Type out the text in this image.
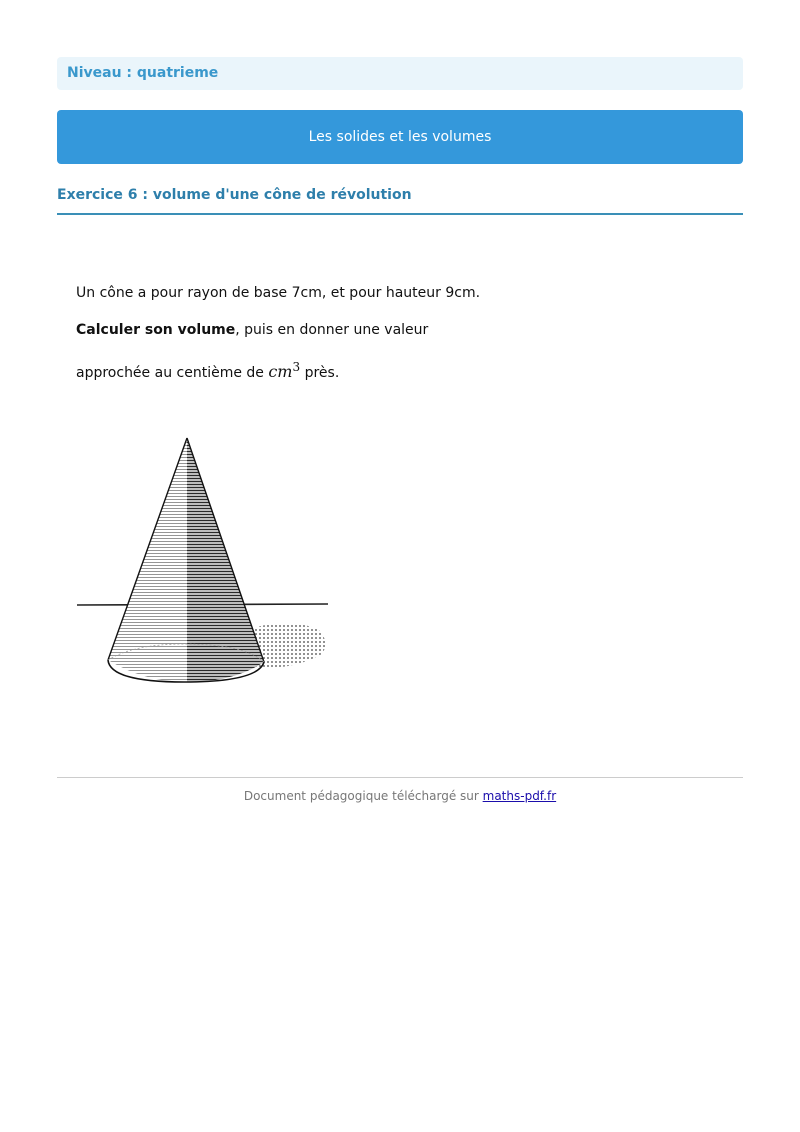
Niveau : quatrieme
Les solides et les volumes
Exercice 6 : volume d'une cône de révolution

Un cône a pour rayon de base 7cm, et pour hauteur 9cm.

Calculer son volume, puis en donner une valeur

approchée au centième de $cm^3$ près.

Document pédagogique téléchargé sur maths-pdf.fr
